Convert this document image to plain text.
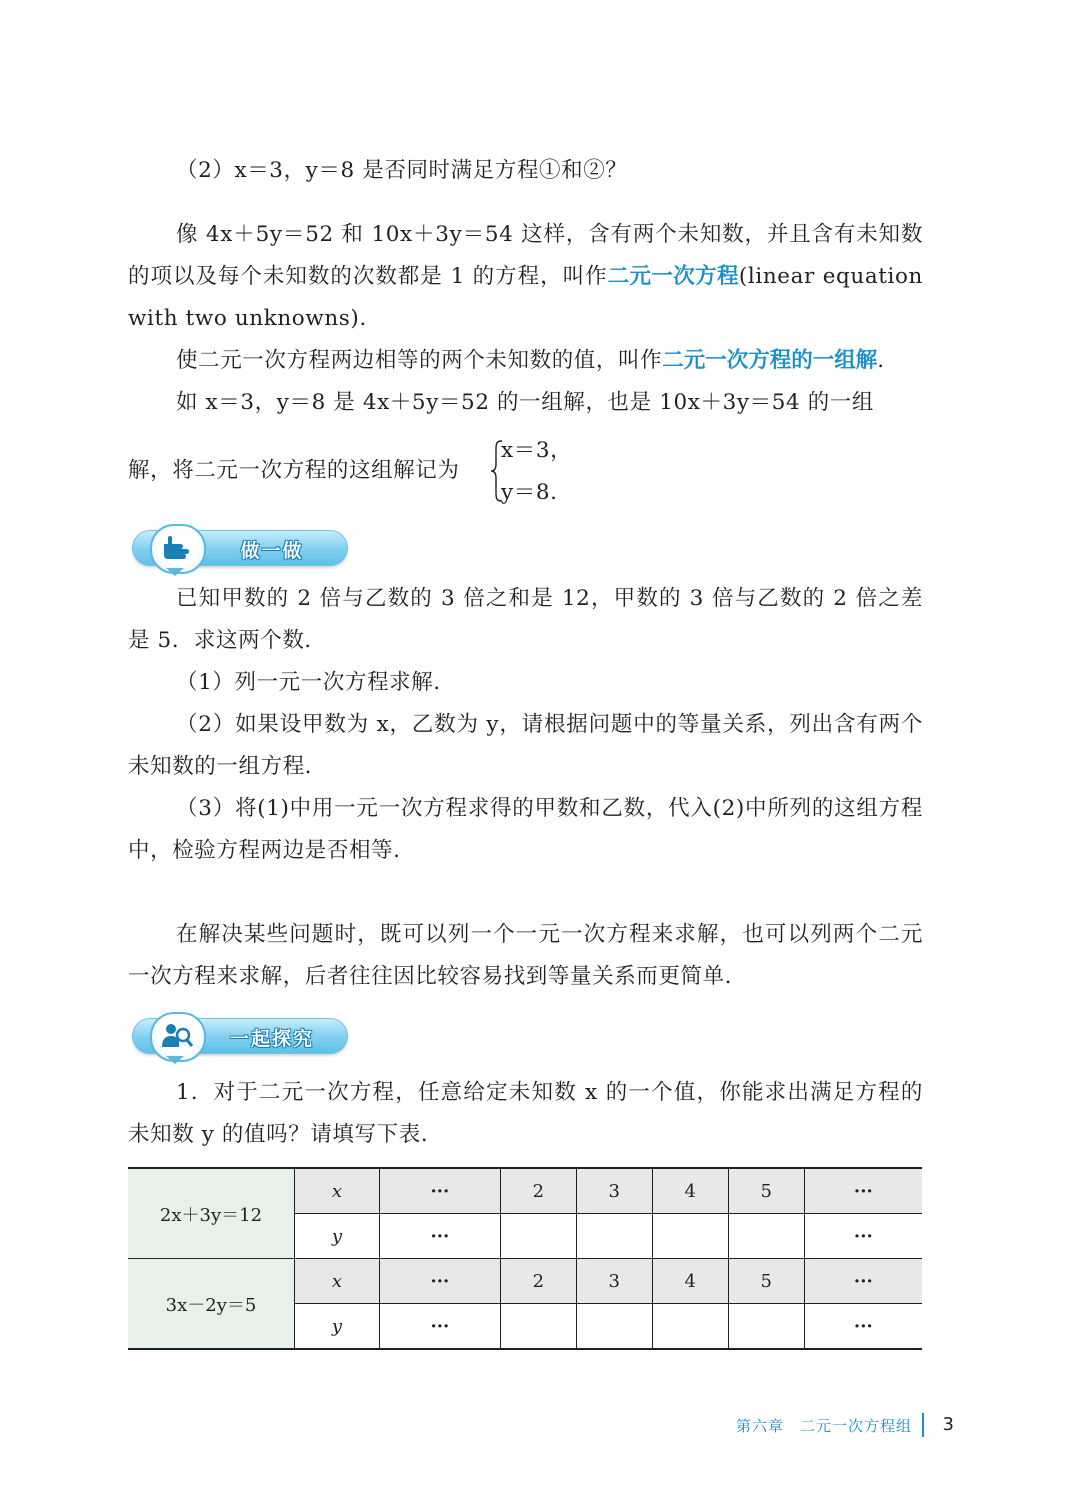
（2）x＝3，y＝8 是否同时满足方程①和②？
像 4x＋5y＝52 和 10x＋3y＝54 这样，含有两个未知数，并且含有未知数的项以及每个未知数的次数都是 1 的方程，叫作二元一次方程(linear equation with two unknowns).
使二元一次方程两边相等的两个未知数的值，叫作二元一次方程的一组解.
如 x＝3，y＝8 是 4x＋5y＝52 的一组解，也是 10x＋3y＝54 的一组
解，将二元一次方程的这组解记为
x＝3，
y＝8.
做一做
已知甲数的 2 倍与乙数的 3 倍之和是 12，甲数的 3 倍与乙数的 2 倍之差是 5．求这两个数．
（1）列一元一次方程求解．
（2）如果设甲数为 x，乙数为 y，请根据问题中的等量关系，列出含有两个未知数的一组方程．
（3）将(1)中用一元一次方程求得的甲数和乙数，代入(2)中所列的这组方程中，检验方程两边是否相等．
在解决某些问题时，既可以列一个一元一次方程来求解，也可以列两个二元一次方程来求解，后者往往因比较容易找到等量关系而更简单．
一起探究
1．对于二元一次方程，任意给定未知数 x 的一个值，你能求出满足方程的未知数 y 的值吗？请填写下表．
2x＋3y＝12	x	···	2	3	4	5	···
	y	···					···
3x－2y＝5	x	···	2	3	4	5	···
	y	···					···
第六章　二元一次方程组 3
